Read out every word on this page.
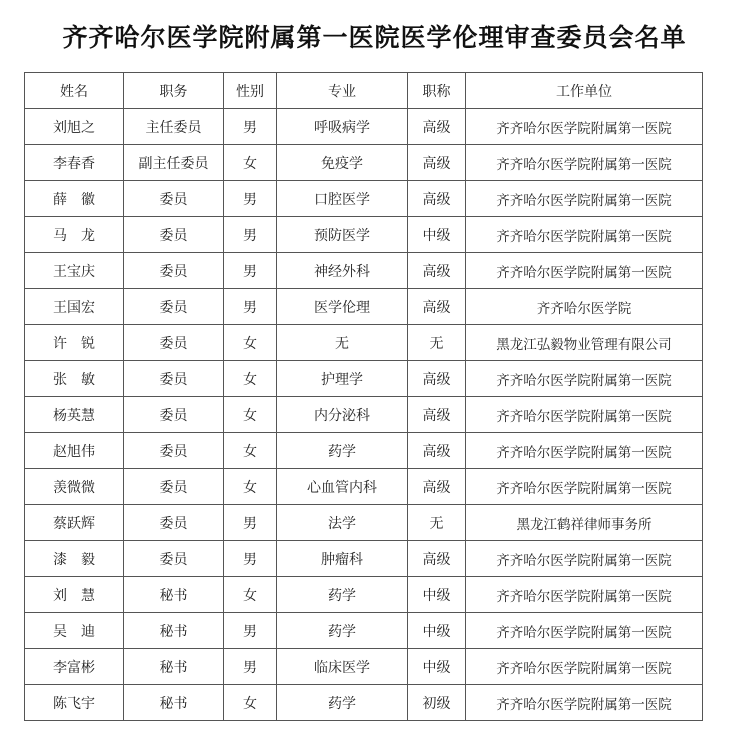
齐齐哈尔医学院附属第一医院医学伦理审查委员会名单
姓名	职务	性别	专业	职称	工作单位
刘旭之	主任委员	男	呼吸病学	高级	齐齐哈尔医学院附属第一医院
李春香	副主任委员	女	免疫学	高级	齐齐哈尔医学院附属第一医院
薛　徽	委员	男	口腔医学	高级	齐齐哈尔医学院附属第一医院
马　龙	委员	男	预防医学	中级	齐齐哈尔医学院附属第一医院
王宝庆	委员	男	神经外科	高级	齐齐哈尔医学院附属第一医院
王国宏	委员	男	医学伦理	高级	齐齐哈尔医学院
许　锐	委员	女	无	无	黑龙江弘毅物业管理有限公司
张　敏	委员	女	护理学	高级	齐齐哈尔医学院附属第一医院
杨英慧	委员	女	内分泌科	高级	齐齐哈尔医学院附属第一医院
赵旭伟	委员	女	药学	高级	齐齐哈尔医学院附属第一医院
羡微微	委员	女	心血管内科	高级	齐齐哈尔医学院附属第一医院
蔡跃辉	委员	男	法学	无	黑龙江鹤祥律师事务所
漆　毅	委员	男	肿瘤科	高级	齐齐哈尔医学院附属第一医院
刘　慧	秘书	女	药学	中级	齐齐哈尔医学院附属第一医院
吴　迪	秘书	男	药学	中级	齐齐哈尔医学院附属第一医院
李富彬	秘书	男	临床医学	中级	齐齐哈尔医学院附属第一医院
陈飞宇	秘书	女	药学	初级	齐齐哈尔医学院附属第一医院
